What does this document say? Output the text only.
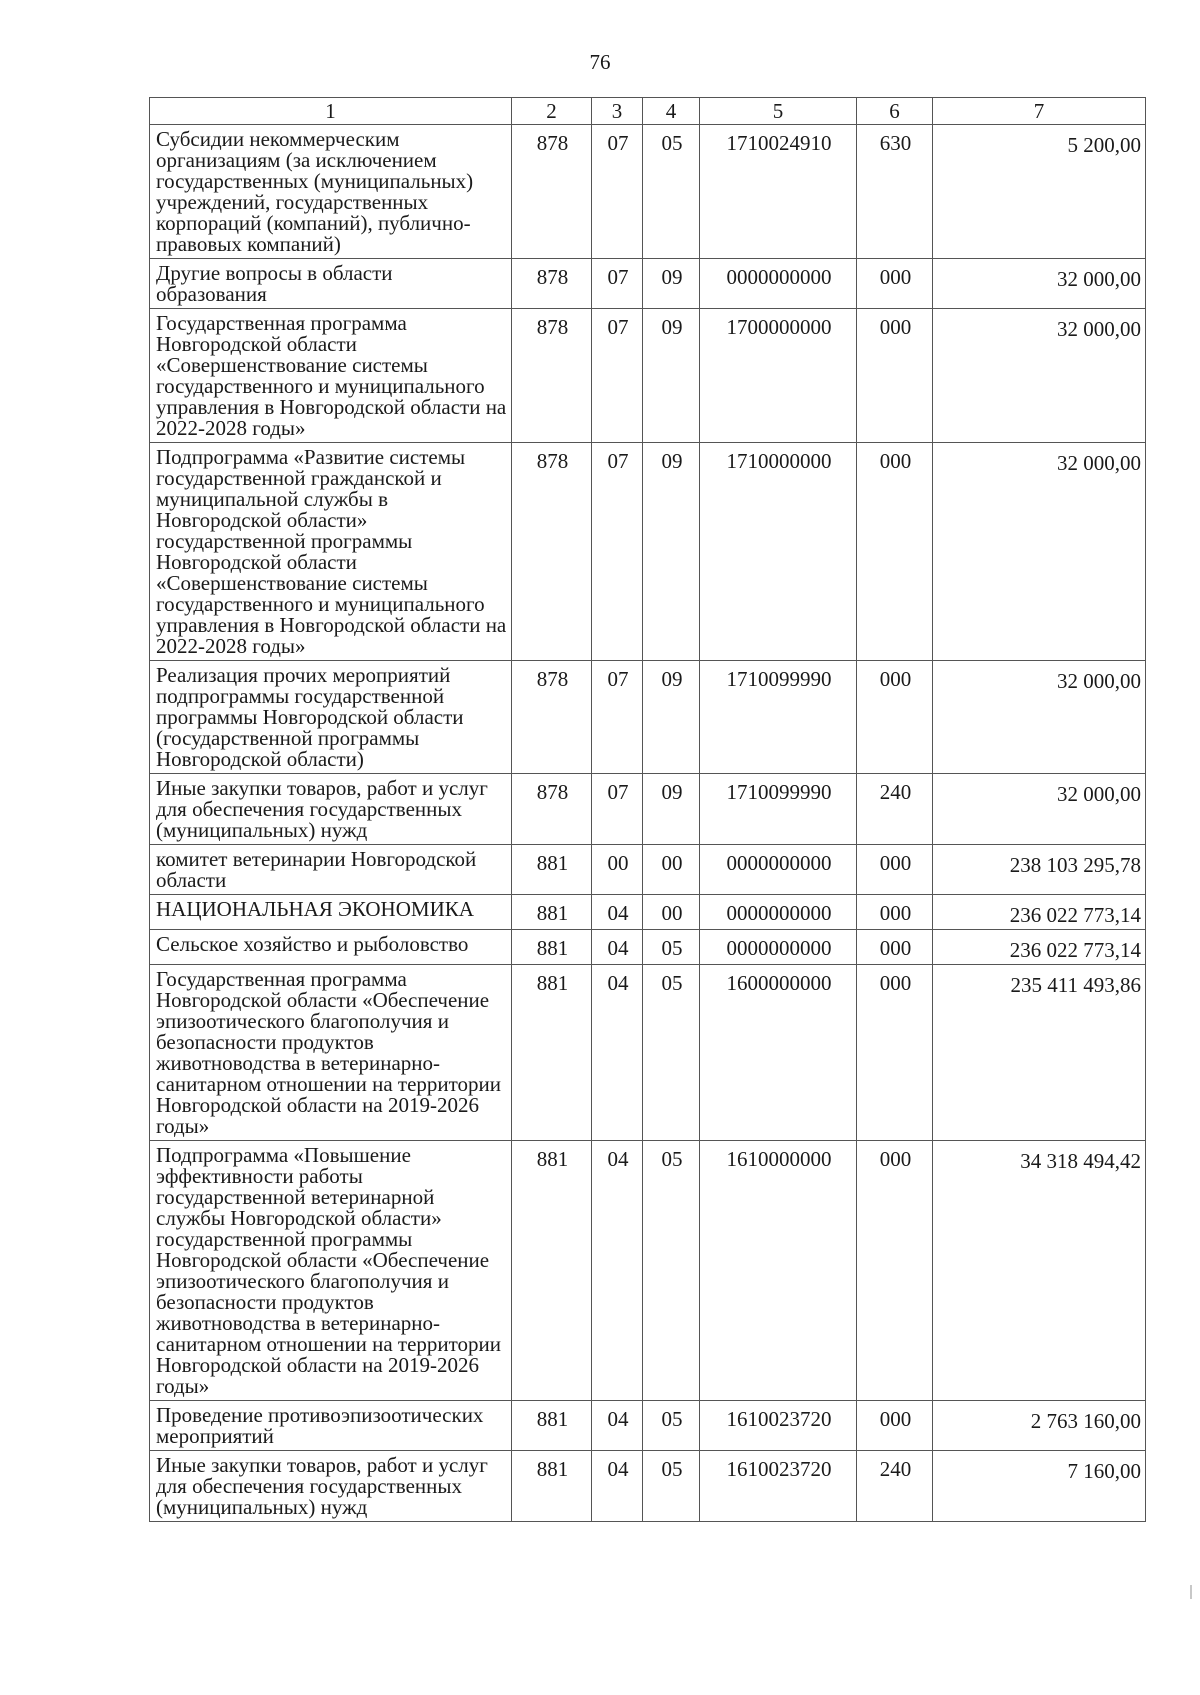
76
1	2	3	4	5	6	7
Субсидии некоммерческим организациям (за исключением государственных (муниципальных) учреждений, государственных корпораций (компаний), публично-правовых компаний)	878	07	05	1710024910	630	5 200,00
Другие вопросы в области образования	878	07	09	0000000000	000	32 000,00
Государственная программа Новгородской области «Совершенствование системы государственного и муниципального управления в Новгородской области на 2022-2028 годы»	878	07	09	1700000000	000	32 000,00
Подпрограмма «Развитие системы государственной гражданской и муниципальной службы в Новгородской области» государственной программы Новгородской области «Совершенствование системы государственного и муниципального управления в Новгородской области на 2022-2028 годы»	878	07	09	1710000000	000	32 000,00
Реализация прочих мероприятий подпрограммы государственной программы Новгородской области (государственной программы Новгородской области)	878	07	09	1710099990	000	32 000,00
Иные закупки товаров, работ и услуг для обеспечения государственных (муниципальных) нужд	878	07	09	1710099990	240	32 000,00
комитет ветеринарии Новгородской области	881	00	00	0000000000	000	238 103 295,78
НАЦИОНАЛЬНАЯ ЭКОНОМИКА	881	04	00	0000000000	000	236 022 773,14
Сельское хозяйство и рыболовство	881	04	05	0000000000	000	236 022 773,14
Государственная программа Новгородской области «Обеспечение эпизоотического благополучия и безопасности продуктов животноводства в ветеринарно-санитарном отношении на территории Новгородской области на 2019-2026 годы»	881	04	05	1600000000	000	235 411 493,86
Подпрограмма «Повышение эффективности работы государственной ветеринарной службы Новгородской области» государственной программы Новгородской области «Обеспечение эпизоотического благополучия и безопасности продуктов животноводства в ветеринарно-санитарном отношении на территории Новгородской области на 2019-2026 годы»	881	04	05	1610000000	000	34 318 494,42
Проведение противоэпизоотических мероприятий	881	04	05	1610023720	000	2 763 160,00
Иные закупки товаров, работ и услуг для обеспечения государственных (муниципальных) нужд	881	04	05	1610023720	240	7 160,00
